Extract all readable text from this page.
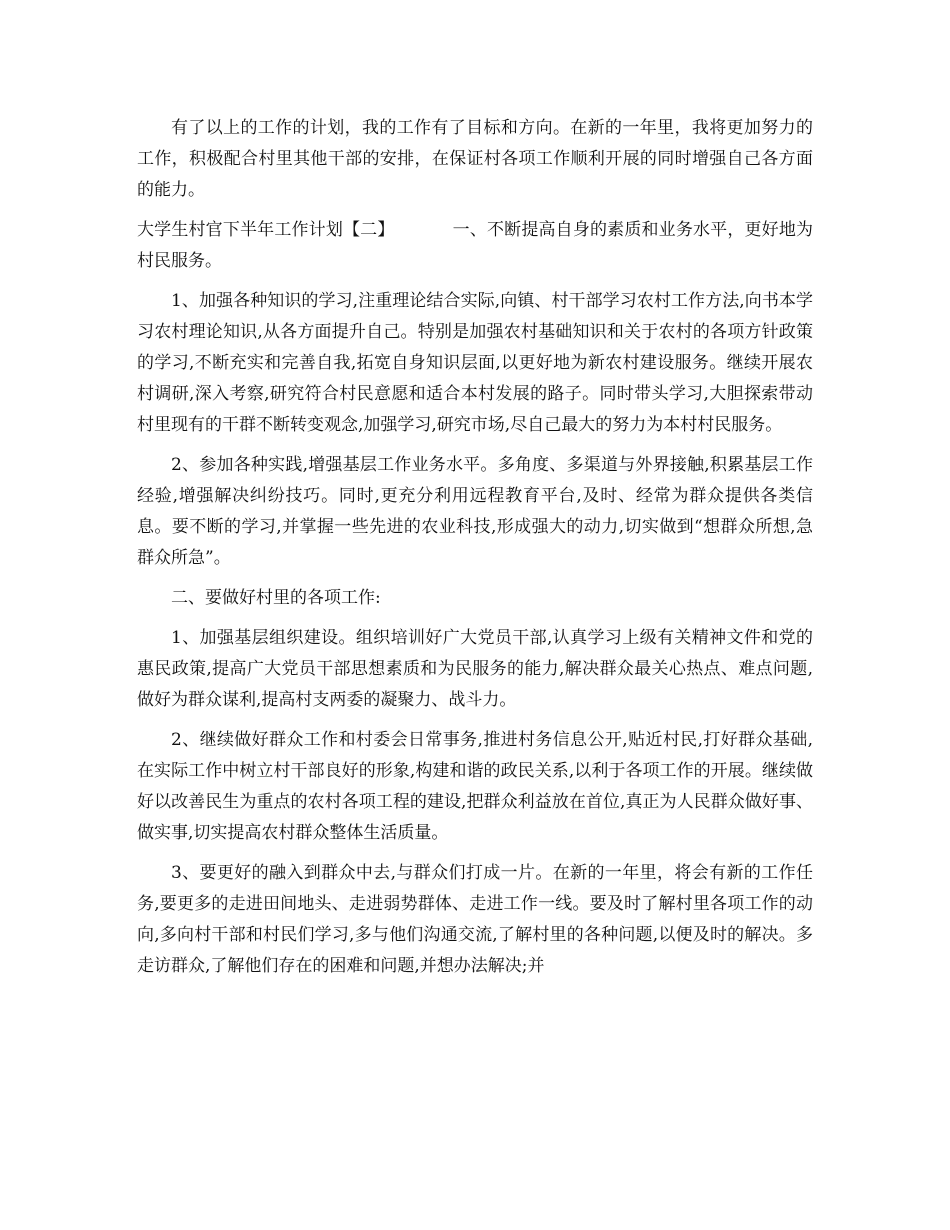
有了以上的工作的计划，我的工作有了目标和方向。在新的一年里，我将更加努力的工作，积极配合村里其他干部的安排，在保证村各项工作顺利开展的同时增强自己各方面的能力。

大学生村官下半年工作计划【二】	一、不断提高自身的素质和业务水平，更好地为村民服务。

1、加强各种知识的学习,注重理论结合实际,向镇、村干部学习农村工作方法,向书本学习农村理论知识,从各方面提升自己。特别是加强农村基础知识和关于农村的各项方针政策的学习,不断充实和完善自我,拓宽自身知识层面,以更好地为新农村建设服务。继续开展农村调研,深入考察,研究符合村民意愿和适合本村发展的路子。同时带头学习,大胆探索带动村里现有的干群不断转变观念,加强学习,研究市场,尽自己最大的努力为本村村民服务。

2、参加各种实践,增强基层工作业务水平。多角度、多渠道与外界接触,积累基层工作经验,增强解决纠纷技巧。同时,更充分利用远程教育平台,及时、经常为群众提供各类信息。要不断的学习,并掌握一些先进的农业科技,形成强大的动力,切实做到“想群众所想,急群众所急”。

二、要做好村里的各项工作:

1、加强基层组织建设。组织培训好广大党员干部,认真学习上级有关精神文件和党的惠民政策,提高广大党员干部思想素质和为民服务的能力,解决群众最关心热点、难点问题,做好为群众谋利,提高村支两委的凝聚力、战斗力。

2、继续做好群众工作和村委会日常事务,推进村务信息公开,贴近村民,打好群众基础,在实际工作中树立村干部良好的形象,构建和谐的政民关系,以利于各项工作的开展。继续做好以改善民生为重点的农村各项工程的建设,把群众利益放在首位,真正为人民群众做好事、做实事,切实提高农村群众整体生活质量。

3、要更好的融入到群众中去,与群众们打成一片。在新的一年里，将会有新的工作任务,要更多的走进田间地头、走进弱势群体、走进工作一线。要及时了解村里各项工作的动向,多向村干部和村民们学习,多与他们沟通交流,了解村里的各种问题,以便及时的解决。多走访群众,了解他们存在的困难和问题,并想办法解决;并
